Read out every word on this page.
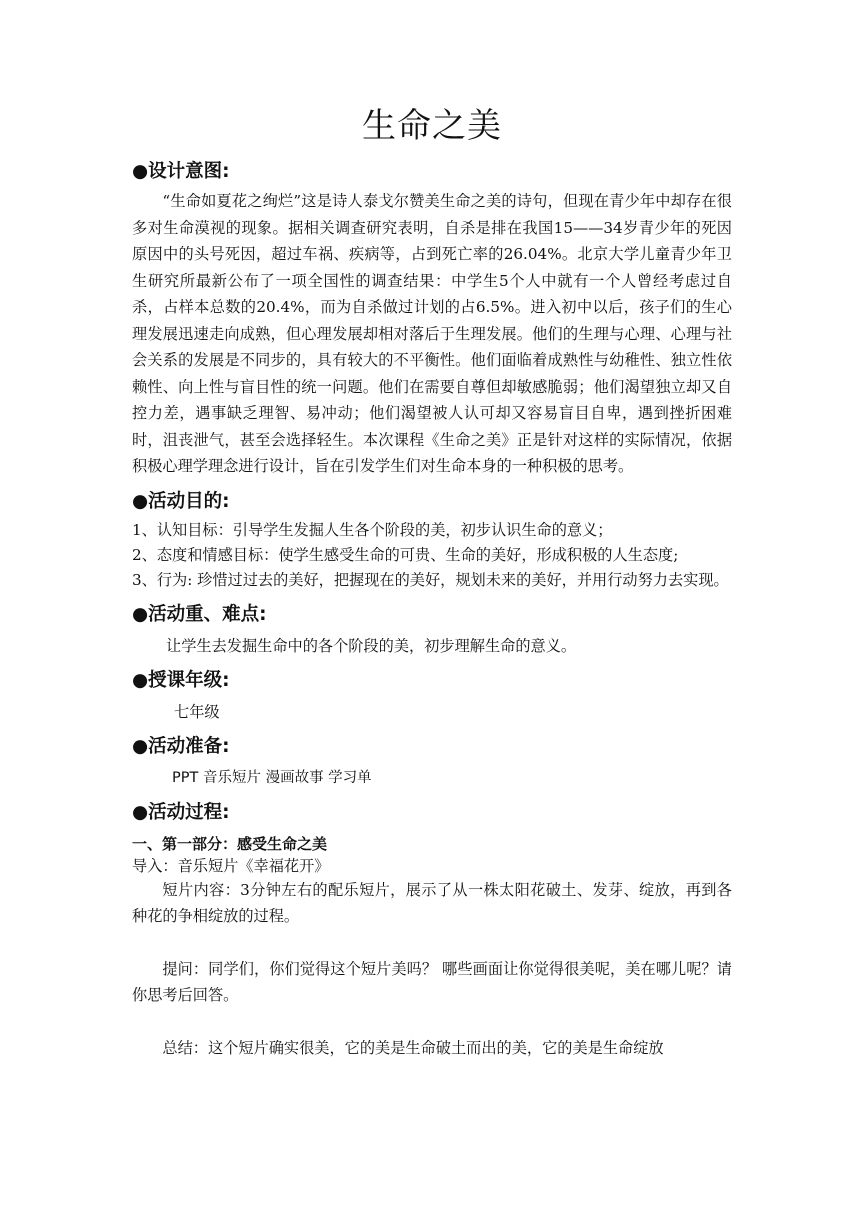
生命之美
●设计意图:

“生命如夏花之绚烂”这是诗人泰戈尔赞美生命之美的诗句，但现在青少年中却存在很多对生命漠视的现象。据相关调查研究表明，自杀是排在我国15——34岁青少年的死因原因中的头号死因，超过车祸、疾病等，占到死亡率的26.04%。北京大学儿童青少年卫生研究所最新公布了一项全国性的调查结果：中学生5个人中就有一个人曾经考虑过自杀，占样本总数的20.4%，而为自杀做过计划的占6.5%。进入初中以后，孩子们的生心理发展迅速走向成熟，但心理发展却相对落后于生理发展。他们的生理与心理、心理与社会关系的发展是不同步的，具有较大的不平衡性。他们面临着成熟性与幼稚性、独立性依赖性、向上性与盲目性的统一问题。他们在需要自尊但却敏感脆弱；他们渴望独立却又自控力差，遇事缺乏理智、易冲动；他们渴望被人认可却又容易盲目自卑，遇到挫折困难时，沮丧泄气，甚至会选择轻生。本次课程《生命之美》正是针对这样的实际情况，依据积极心理学理念进行设计，旨在引发学生们对生命本身的一种积极的思考。

●活动目的:

1、认知目标：引导学生发掘人生各个阶段的美，初步认识生命的意义；

2、态度和情感目标：使学生感受生命的可贵、生命的美好，形成积极的人生态度;

3、行为: 珍惜过过去的美好，把握现在的美好，规划未来的美好，并用行动努力去实现。

●活动重、难点:

让学生去发掘生命中的各个阶段的美，初步理解生命的意义。

●授课年级:

七年级

●活动准备:

PPT 音乐短片 漫画故事 学习单

●活动过程:
一、第一部分：感受生命之美

导入：音乐短片《幸福花开》

短片内容：3分钟左右的配乐短片，展示了从一株太阳花破土、发芽、绽放，再到各种花的争相绽放的过程。

提问：同学们，你们觉得这个短片美吗？ 哪些画面让你觉得很美呢，美在哪儿呢？请你思考后回答。

总结：这个短片确实很美，它的美是生命破土而出的美，它的美是生命绽放
